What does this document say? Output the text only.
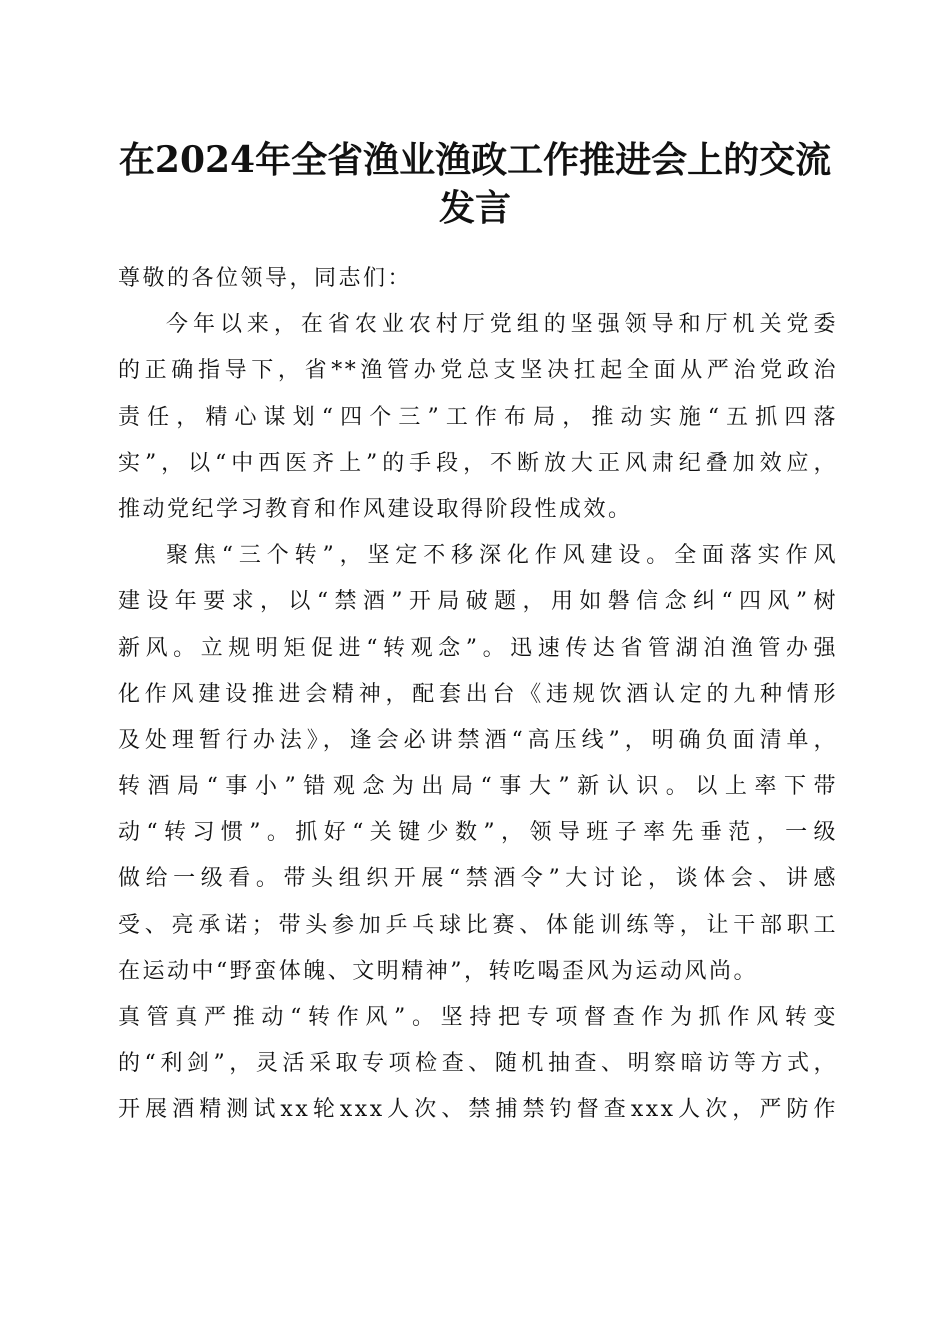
在2024年全省渔业渔政工作推进会上的交流
发言
尊敬的各位领导，同志们：
今年以来，在省农业农村厅党组的坚强领导和厅机关党委
的正确指导下，省**渔管办党总支坚决扛起全面从严治党政治
责任，精心谋划“四个三”工作布局，推动实施“五抓四落
实”，以“中西医齐上”的手段，不断放大正风肃纪叠加效应，
推动党纪学习教育和作风建设取得阶段性成效。
聚焦“三个转”，坚定不移深化作风建设。全面落实作风
建设年要求，以“禁酒”开局破题，用如磐信念纠“四风”树
新风。立规明矩促进“转观念”。迅速传达省管湖泊渔管办强
化作风建设推进会精神，配套出台《违规饮酒认定的九种情形
及处理暂行办法》，逢会必讲禁酒“高压线”，明确负面清单，
转酒局“事小”错观念为出局“事大”新认识。以上率下带
动“转习惯”。抓好“关键少数”，领导班子率先垂范，一级
做给一级看。带头组织开展“禁酒令”大讨论，谈体会、讲感
受、亮承诺；带头参加乒乓球比赛、体能训练等，让干部职工
在运动中“野蛮体魄、文明精神”，转吃喝歪风为运动风尚。
真管真严推动“转作风”。坚持把专项督查作为抓作风转变
的“利剑”，灵活采取专项检查、随机抽查、明察暗访等方式，
开展酒精测试xx轮xxx人次、禁捕禁钓督查xxx人次，严防作
